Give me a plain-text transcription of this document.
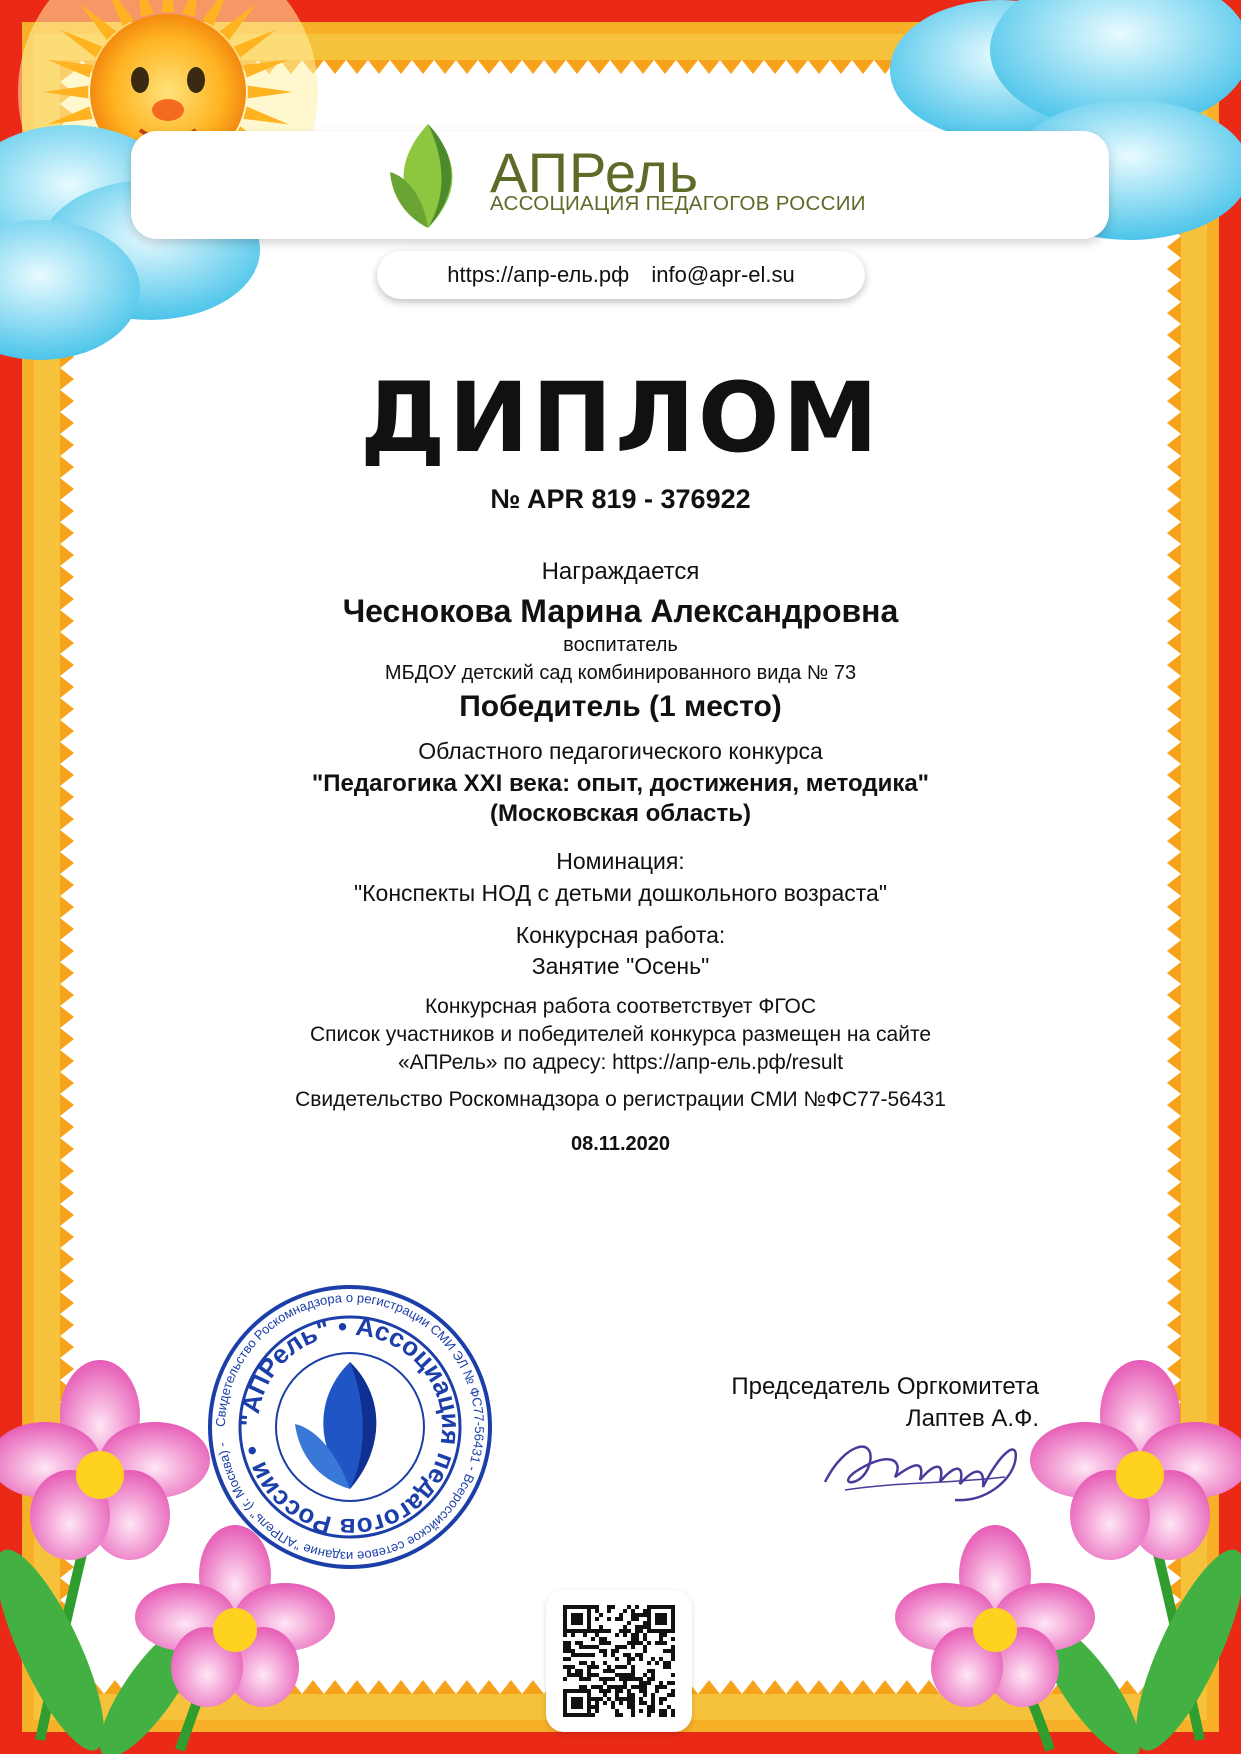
АПРель
АССОЦИАЦИЯ ПЕДАГОГОВ РОССИИ
https://апр-ель.рф info@apr-el.su
ДИПЛОМ
№ APR 819 - 376922
Награждается
Чеснокова Марина Александровна
воспитатель
МБДОУ детский сад комбинированного вида № 73
Победитель (1 место)
Областного педагогического конкурса
"Педагогика XXI века: опыт, достижения, методика"
(Московская область)
Номинация:
"Конспекты НОД с детьми дошкольного возраста"
Конкурсная работа:
Занятие "Осень"
Конкурсная работа соответствует ФГОС
Список участников и победителей конкурса размещен на сайте
«АПРель» по адресу: https://апр-ель.рф/result
Свидетельство Роскомнадзора о регистрации СМИ №ФС77-56431
08.11.2020
Свидетельство Роскомнадзора о регистрации СМИ ЭЛ № ФС77-56431 - Всероссийское сетевое издание "АПРель" (г. Москва) -
"АПРель" • Ассоциация педагогов России •
Председатель Оргкомитета
Лаптев А.Ф.
